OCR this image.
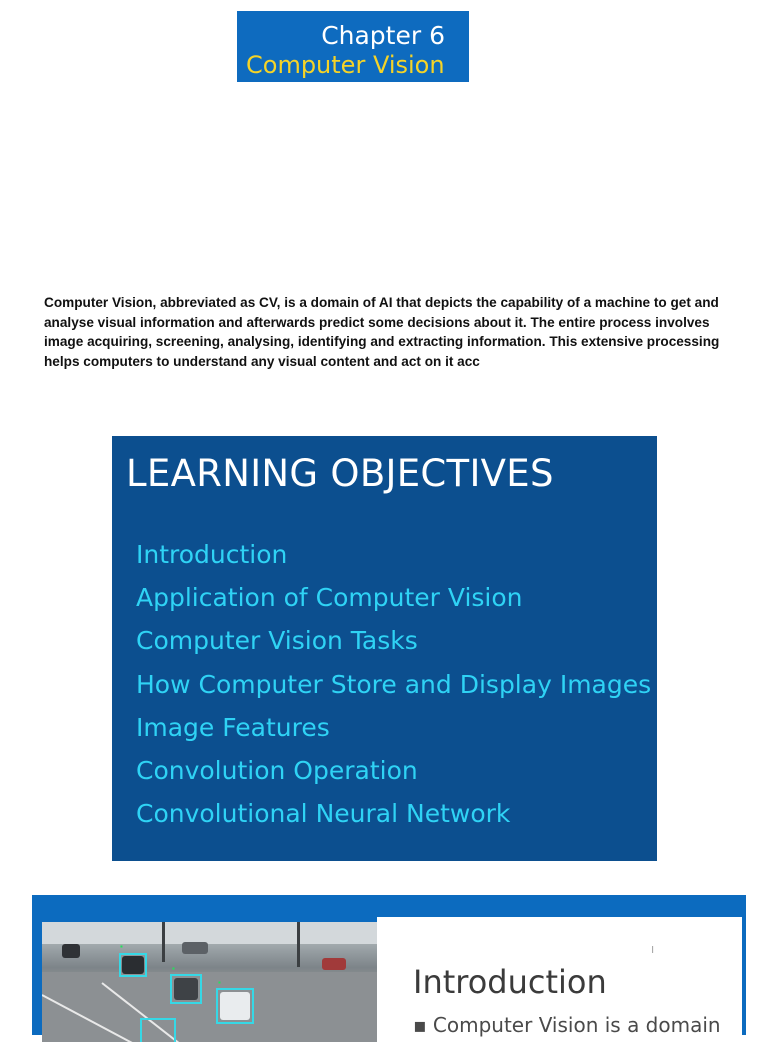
Chapter 6
Computer Vision

Computer Vision, abbreviated as CV, is a domain of AI that depicts the capability of a machine to get and analyse visual information and afterwards predict some decisions about it. The entire process involves image acquiring, screening, analysing, identifying and extracting information. This extensive processing helps computers to understand any visual content and act on it acc

LEARNING OBJECTIVES
Introduction
Application of Computer Vision
Computer Vision Tasks
How Computer Store and Display Images
Image Features
Convolution Operation
Convolutional Neural Network
▪
▪
▪
I
Introduction
▪ Computer Vision is a domain
